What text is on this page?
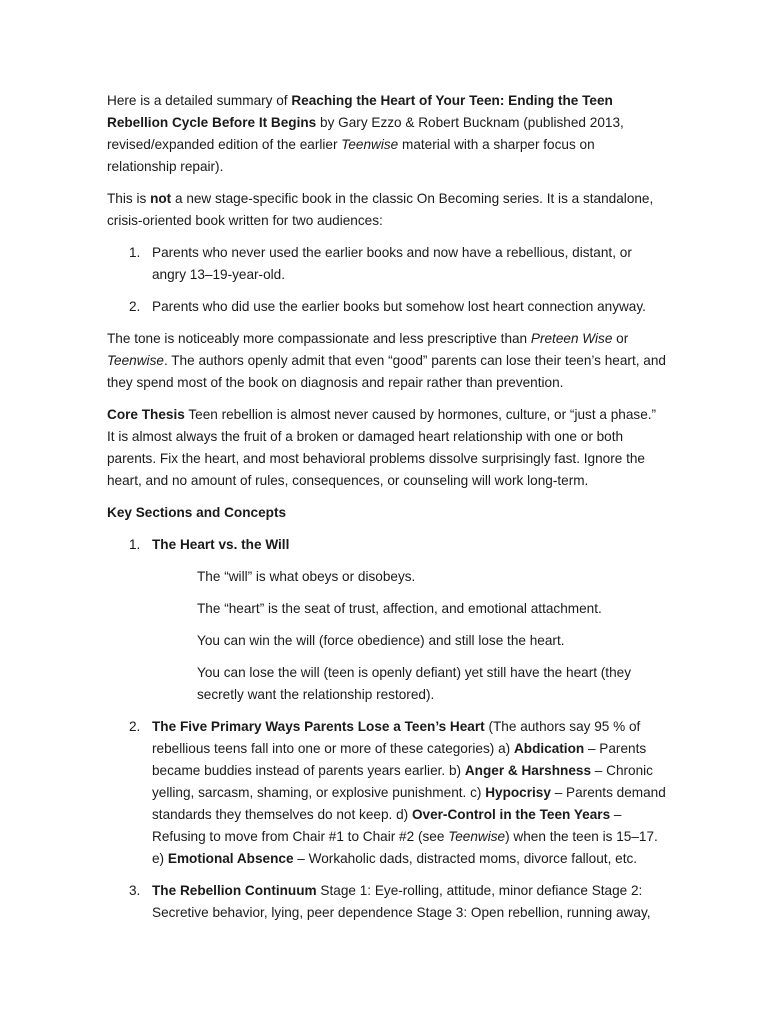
Here is a detailed summary of Reaching the Heart of Your Teen: Ending the Teen Rebellion Cycle Before It Begins by Gary Ezzo & Robert Bucknam (published 2013, revised/expanded edition of the earlier Teenwise material with a sharper focus on relationship repair).

This is not a new stage-specific book in the classic On Becoming series. It is a standalone, crisis-oriented book written for two audiences:

1. Parents who never used the earlier books and now have a rebellious, distant, or angry 13–19-year-old.
2. Parents who did use the earlier books but somehow lost heart connection anyway.

The tone is noticeably more compassionate and less prescriptive than Preteen Wise or Teenwise. The authors openly admit that even “good” parents can lose their teen’s heart, and they spend most of the book on diagnosis and repair rather than prevention.

Core Thesis Teen rebellion is almost never caused by hormones, culture, or “just a phase.” It is almost always the fruit of a broken or damaged heart relationship with one or both parents. Fix the heart, and most behavioral problems dissolve surprisingly fast. Ignore the heart, and no amount of rules, consequences, or counseling will work long-term.

Key Sections and Concepts

1. The Heart vs. the Will

The “will” is what obeys or disobeys.

The “heart” is the seat of trust, affection, and emotional attachment.

You can win the will (force obedience) and still lose the heart.

You can lose the will (teen is openly defiant) yet still have the heart (they secretly want the relationship restored).

2. The Five Primary Ways Parents Lose a Teen’s Heart (The authors say 95 % of rebellious teens fall into one or more of these categories) a) Abdication – Parents became buddies instead of parents years earlier. b) Anger & Harshness – Chronic yelling, sarcasm, shaming, or explosive punishment. c) Hypocrisy – Parents demand standards they themselves do not keep. d) Over-Control in the Teen Years – Refusing to move from Chair #1 to Chair #2 (see Teenwise) when the teen is 15–17. e) Emotional Absence – Workaholic dads, distracted moms, divorce fallout, etc.
3. The Rebellion Continuum Stage 1: Eye-rolling, attitude, minor defiance Stage 2: Secretive behavior, lying, peer dependence Stage 3: Open rebellion, running away,
